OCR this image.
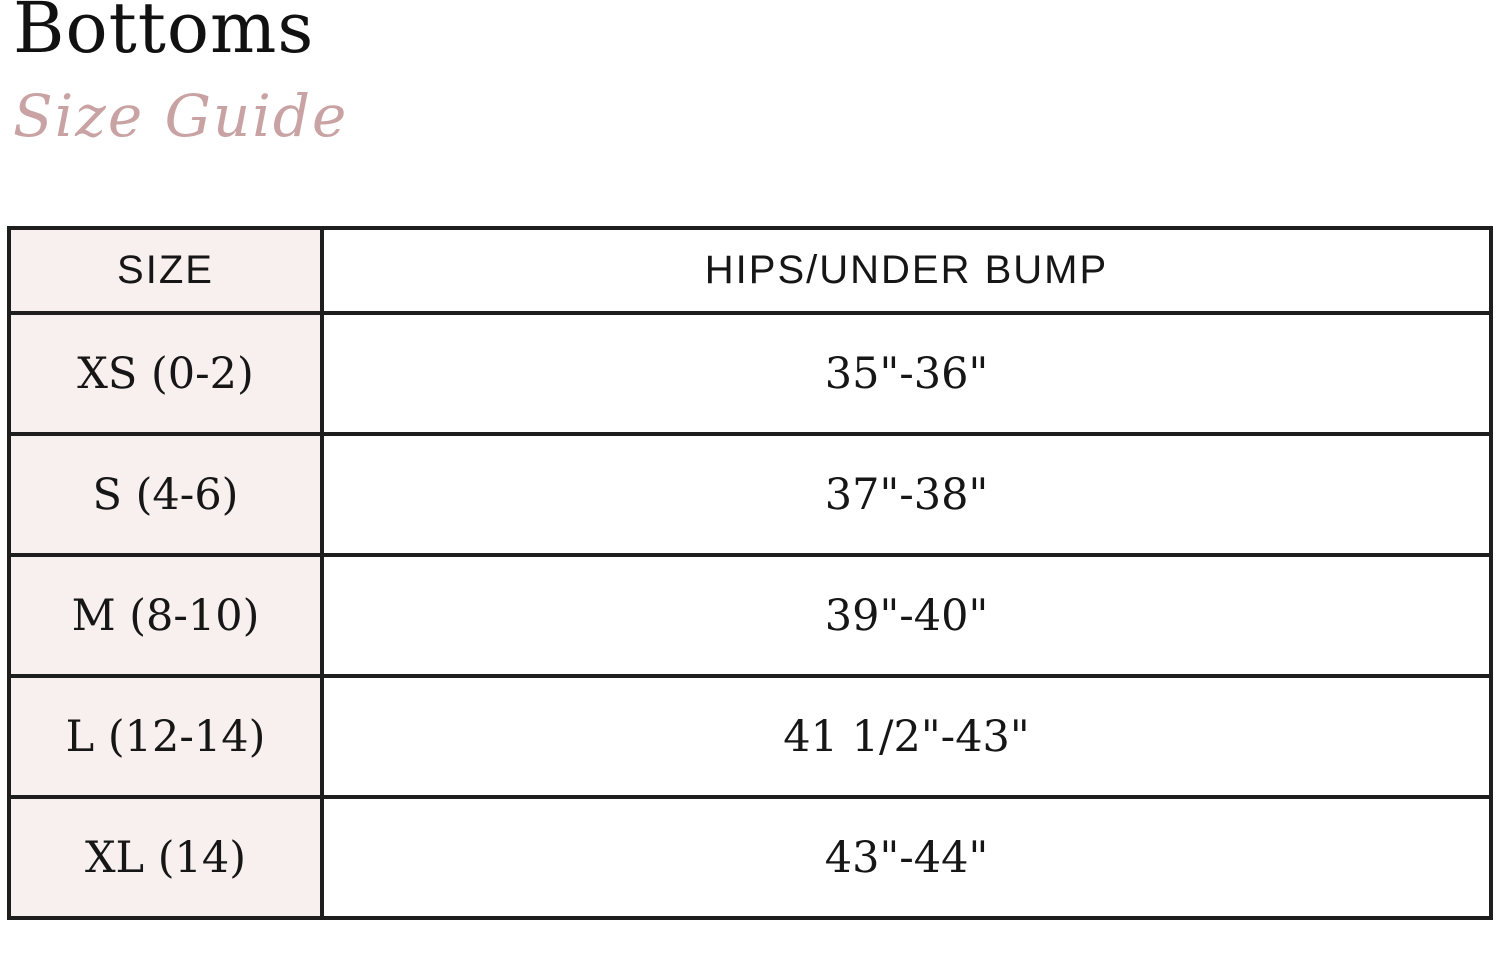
Bottoms
Size Guide
SIZE	HIPS/UNDER BUMP
XS (0-2)	35"-36"
S (4-6)	37"-38"
M (8-10)	39"-40"
L (12-14)	41 1/2"-43"
XL (14)	43"-44"
